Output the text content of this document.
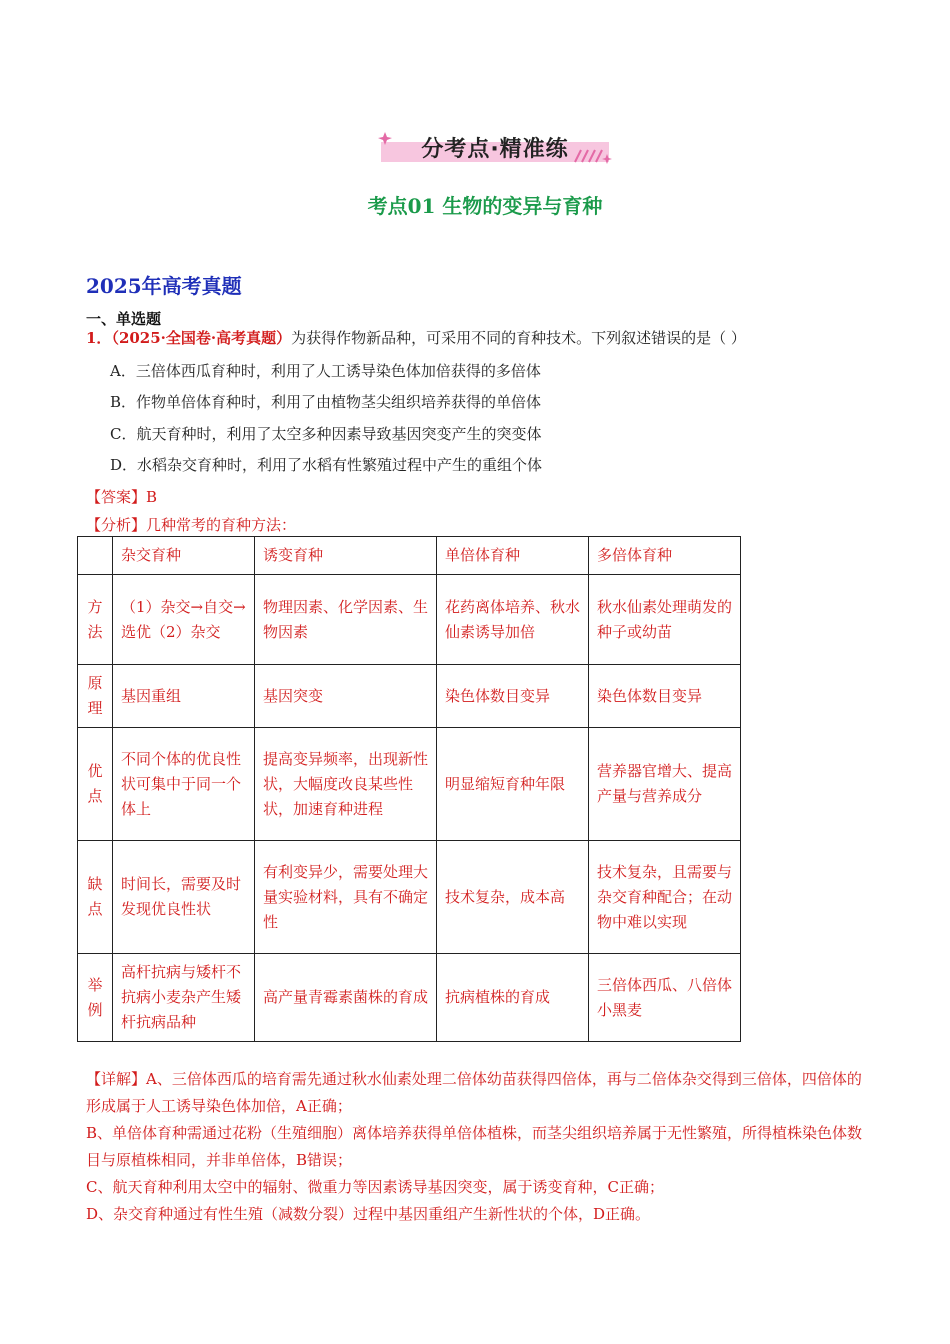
分考点·精准练
考点01 生物的变异与育种
2025年高考真题
一、单选题
1．（2025·全国卷·高考真题）为获得作物新品种，可采用不同的育种技术。下列叙述错误的是（ ）
A．三倍体西瓜育种时，利用了人工诱导染色体加倍获得的多倍体
B．作物单倍体育种时，利用了由植物茎尖组织培养获得的单倍体
C．航天育种时，利用了太空多种因素导致基因突变产生的突变体
D．水稻杂交育种时，利用了水稻有性繁殖过程中产生的重组个体
【答案】B
【分析】几种常考的育种方法：
	杂交育种	诱变育种	单倍体育种	多倍体育种
方法	（1）杂交→自交→选优（2）杂交	物理因素、化学因素、生物因素	花药离体培养、秋水仙素诱导加倍	秋水仙素处理萌发的种子或幼苗
原理	基因重组	基因突变	染色体数目变异	染色体数目变异
优点	不同个体的优良性状可集中于同一个体上	提高变异频率，出现新性状，大幅度改良某些性状，加速育种进程	明显缩短育种年限	营养器官增大、提高产量与营养成分
缺点	时间长，需要及时发现优良性状	有利变异少，需要处理大量实验材料，具有不确定性	技术复杂，成本高	技术复杂，且需要与杂交育种配合；在动物中难以实现
举例	高杆抗病与矮杆不抗病小麦杂产生矮杆抗病品种	高产量青霉素菌株的育成	抗病植株的育成	三倍体西瓜、八倍体小黑麦

【详解】A、三倍体西瓜的培育需先通过秋水仙素处理二倍体幼苗获得四倍体，再与二倍体杂交得到三倍体，四倍体的形成属于人工诱导染色体加倍，A正确；

B、单倍体育种需通过花粉（生殖细胞）离体培养获得单倍体植株，而茎尖组织培养属于无性繁殖，所得植株染色体数目与原植株相同，并非单倍体，B错误；

C、航天育种利用太空中的辐射、微重力等因素诱导基因突变，属于诱变育种，C正确；

D、杂交育种通过有性生殖（减数分裂）过程中基因重组产生新性状的个体，D正确。
